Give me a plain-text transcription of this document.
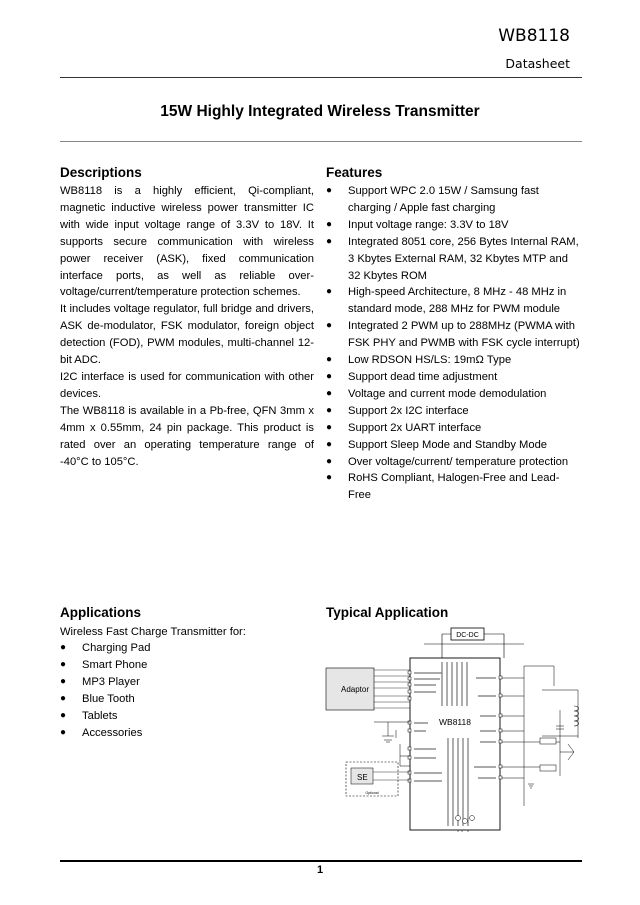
WB8118
Datasheet
15W Highly Integrated Wireless Transmitter
Descriptions

WB8118 is a highly efficient, Qi-compliant, magnetic inductive wireless power transmitter IC with wide input voltage range of 3.3V to 18V. It supports secure communication with wireless power receiver (ASK), fixed communication interface ports, as well as reliable over-voltage/current/temperature protection schemes.

It includes voltage regulator, full bridge and drivers, ASK de-modulator, FSK modulator, foreign object detection (FOD), PWM modules, multi-channel 12-bit ADC.

I2C interface is used for communication with other devices.

The WB8118 is available in a Pb-free, QFN 3mm x 4mm x 0.55mm, 24 pin package. This product is rated over an operating temperature range of -40°C to 105°C.

Features
● Support WPC 2.0 15W / Samsung fast charging / Apple fast charging
● Input voltage range: 3.3V to 18V
● Integrated 8051 core, 256 Bytes Internal RAM, 3 Kbytes External RAM, 32 Kbytes MTP and 32 Kbytes ROM
● High-speed Architecture, 8 MHz - 48 MHz in standard mode, 288 MHz for PWM module
● Integrated 2 PWM up to 288MHz (PWMA with FSK PHY and PWMB with FSK cycle interrupt)
● Low RDSON HS/LS: 19mΩ Type
● Support dead time adjustment
● Voltage and current mode demodulation
● Support 2x I2C interface
● Support 2x UART interface
● Support Sleep Mode and Standby Mode
● Over voltage/current/ temperature protection
● RoHS Compliant, Halogen-Free and Lead-Free
Applications
Wireless Fast Charge Transmitter for:
● Charging Pad
● Smart Phone
● MP3 Player
● Blue Tooth
● Tablets
● Accessories
Typical Application
DC-DC
Adaptor
WB8118
SE
Optional
1
